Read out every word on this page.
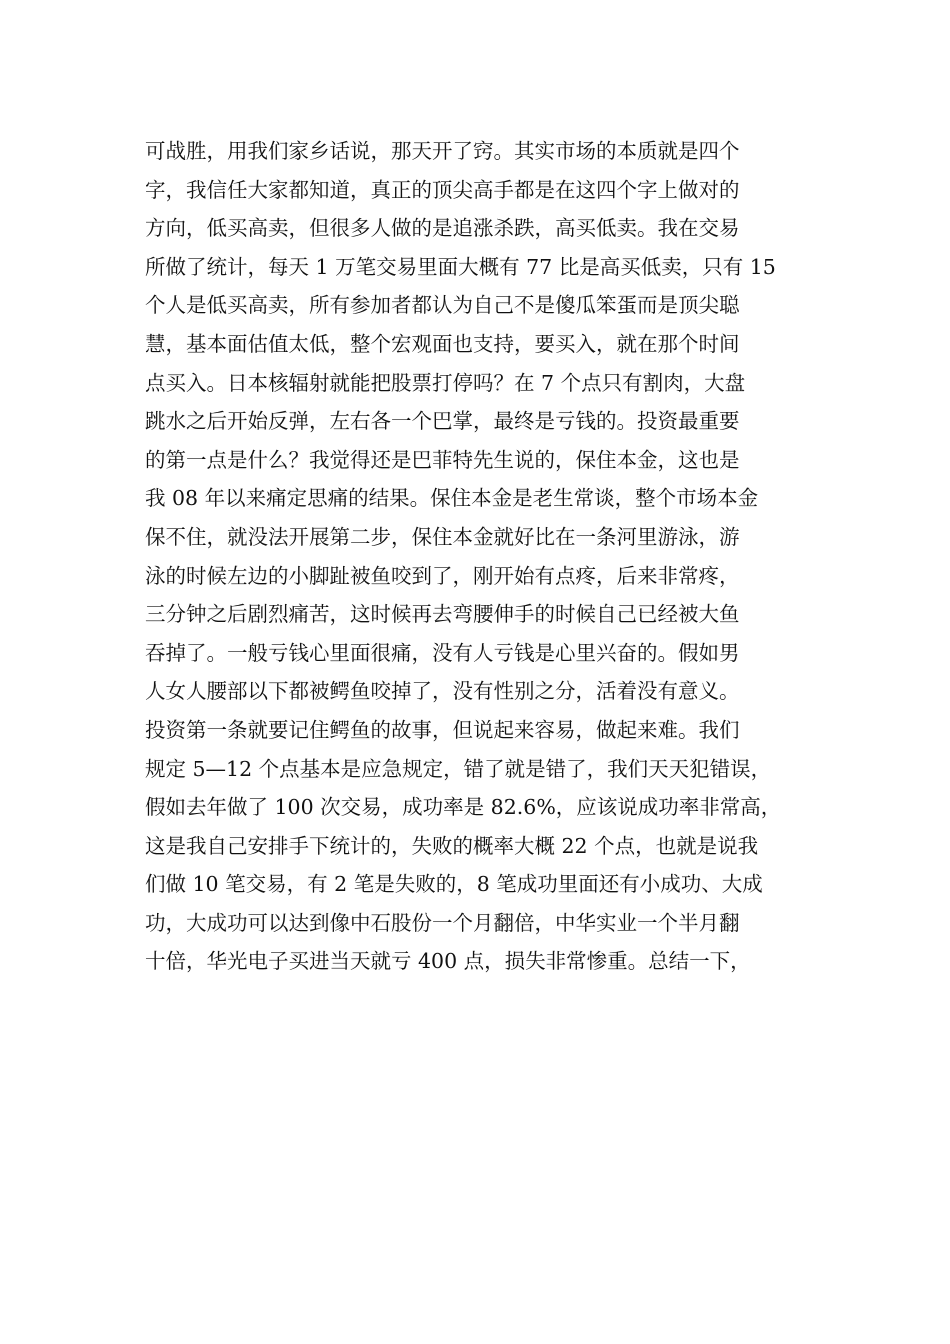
可战胜，用我们家乡话说，那天开了窍。其实市场的本质就是四个
字，我信任大家都知道，真正的顶尖高手都是在这四个字上做对的
方向，低买高卖，但很多人做的是追涨杀跌，高买低卖。我在交易
所做了统计，每天 1 万笔交易里面大概有 77 比是高买低卖，只有 15
个人是低买高卖，所有参加者都认为自己不是傻瓜笨蛋而是顶尖聪
慧，基本面估值太低，整个宏观面也支持，要买入，就在那个时间
点买入。日本核辐射就能把股票打停吗？在 7 个点只有割肉，大盘
跳水之后开始反弹，左右各一个巴掌，最终是亏钱的。投资最重要
的第一点是什么？我觉得还是巴菲特先生说的，保住本金，这也是
我 08 年以来痛定思痛的结果。保住本金是老生常谈，整个市场本金
保不住，就没法开展第二步，保住本金就好比在一条河里游泳，游
泳的时候左边的小脚趾被鱼咬到了，刚开始有点疼，后来非常疼，
三分钟之后剧烈痛苦，这时候再去弯腰伸手的时候自己已经被大鱼
吞掉了。一般亏钱心里面很痛，没有人亏钱是心里兴奋的。假如男
人女人腰部以下都被鳄鱼咬掉了，没有性别之分，活着没有意义。
投资第一条就要记住鳄鱼的故事，但说起来容易，做起来难。我们
规定 5—12 个点基本是应急规定，错了就是错了，我们天天犯错误，
假如去年做了 100 次交易，成功率是 82.6%，应该说成功率非常高，
这是我自己安排手下统计的，失败的概率大概 22 个点，也就是说我
们做 10 笔交易，有 2 笔是失败的，8 笔成功里面还有小成功、大成
功，大成功可以达到像中石股份一个月翻倍，中华实业一个半月翻
十倍，华光电子买进当天就亏 400 点，损失非常惨重。总结一下，
